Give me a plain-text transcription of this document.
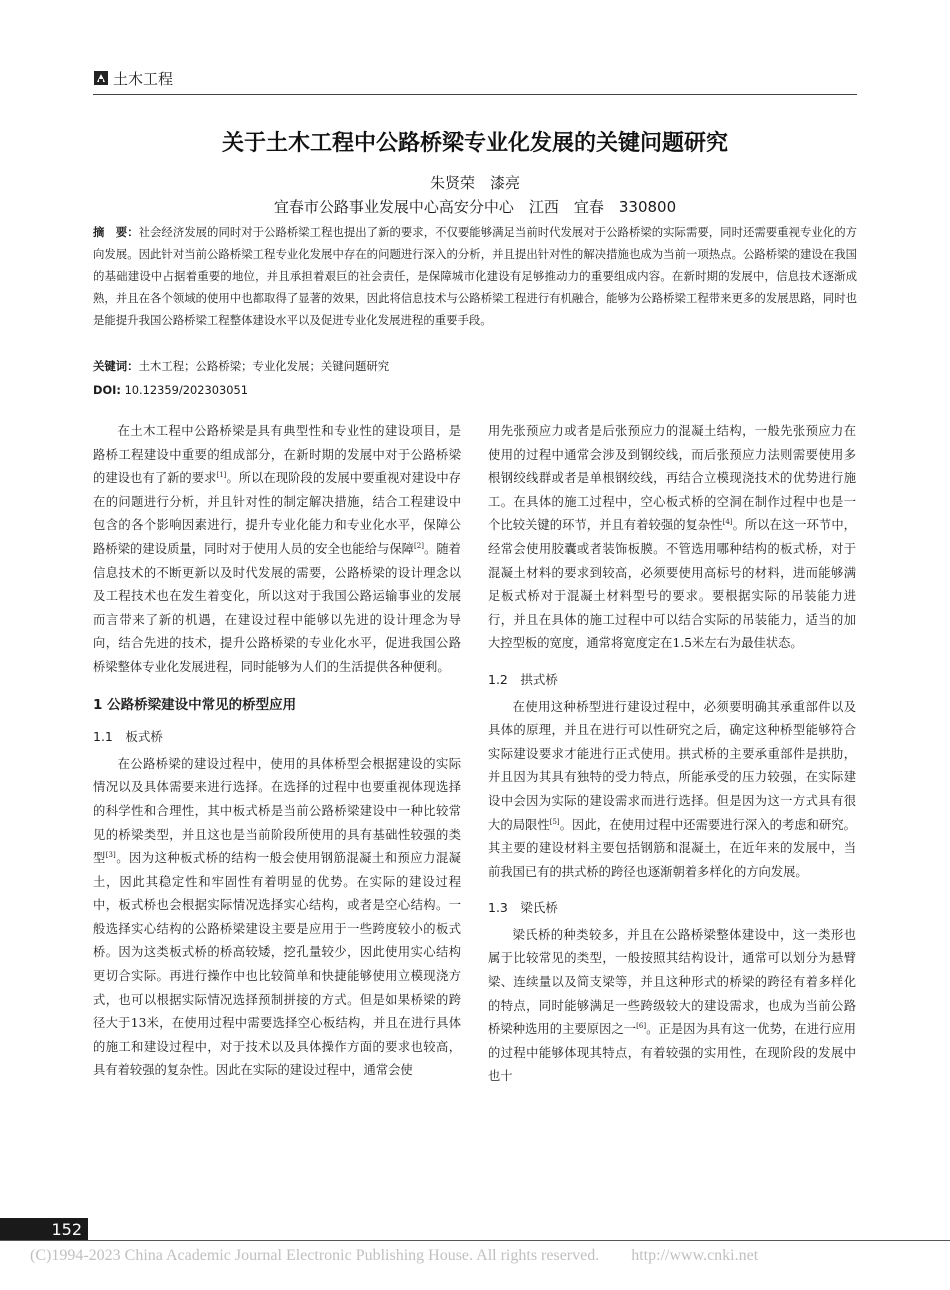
土木工程
关于土木工程中公路桥梁专业化发展的关键问题研究
朱贤荣　漆亮
宜春市公路事业发展中心高安分中心　江西　宜春　330800
摘　要：社会经济发展的同时对于公路桥梁工程也提出了新的要求，不仅要能够满足当前时代发展对于公路桥梁的实际需要，同时还需要重视专业化的方向发展。因此针对当前公路桥梁工程专业化发展中存在的问题进行深入的分析，并且提出针对性的解决措施也成为当前一项热点。公路桥梁的建设在我国的基础建设中占据着重要的地位，并且承担着艰巨的社会责任，是保障城市化建设有足够推动力的重要组成内容。在新时期的发展中，信息技术逐渐成熟，并且在各个领域的使用中也都取得了显著的效果，因此将信息技术与公路桥梁工程进行有机融合，能够为公路桥梁工程带来更多的发展思路，同时也是能提升我国公路桥梁工程整体建设水平以及促进专业化发展进程的重要手段。
关键词：土木工程；公路桥梁；专业化发展；关键问题研究
DOI: 10.12359/202303051

在土木工程中公路桥梁是具有典型性和专业性的建设项目，是路桥工程建设中重要的组成部分，在新时期的发展中对于公路桥梁的建设也有了新的要求[1]。所以在现阶段的发展中要重视对建设中存在的问题进行分析，并且针对性的制定解决措施，结合工程建设中包含的各个影响因素进行，提升专业化能力和专业化水平，保障公路桥梁的建设质量，同时对于使用人员的安全也能给与保障[2]。随着信息技术的不断更新以及时代发展的需要，公路桥梁的设计理念以及工程技术也在发生着变化，所以这对于我国公路运输事业的发展而言带来了新的机遇，在建设过程中能够以先进的设计理念为导向，结合先进的技术，提升公路桥梁的专业化水平，促进我国公路桥梁整体专业化发展进程，同时能够为人们的生活提供各种便利。

1 公路桥梁建设中常见的桥型应用

1.1　板式桥

在公路桥梁的建设过程中，使用的具体桥型会根据建设的实际情况以及具体需要来进行选择。在选择的过程中也要重视体现选择的科学性和合理性，其中板式桥是当前公路桥梁建设中一种比较常见的桥梁类型，并且这也是当前阶段所使用的具有基础性较强的类型[3]。因为这种板式桥的结构一般会使用钢筋混凝土和预应力混凝土，因此其稳定性和牢固性有着明显的优势。在实际的建设过程中，板式桥也会根据实际情况选择实心结构，或者是空心结构。一般选择实心结构的公路桥梁建设主要是应用于一些跨度较小的板式桥。因为这类板式桥的桥高较矮，挖孔量较少，因此使用实心结构更切合实际。再进行操作中也比较简单和快捷能够使用立模现浇方式，也可以根据实际情况选择预制拼接的方式。但是如果桥梁的跨径大于13米，在使用过程中需要选择空心板结构，并且在进行具体的施工和建设过程中，对于技术以及具体操作方面的要求也较高，具有着较强的复杂性。因此在实际的建设过程中，通常会使

用先张预应力或者是后张预应力的混凝土结构，一般先张预应力在使用的过程中通常会涉及到钢绞线，而后张预应力法则需要使用多根钢绞线群或者是单根钢绞线，再结合立模现浇技术的优势进行施工。在具体的施工过程中，空心板式桥的空洞在制作过程中也是一个比较关键的环节，并且有着较强的复杂性[4]。所以在这一环节中，经常会使用胶囊或者装饰板膜。不管选用哪种结构的板式桥，对于混凝土材料的要求到较高，必须要使用高标号的材料，进而能够满足板式桥对于混凝土材料型号的要求。要根据实际的吊装能力进行，并且在具体的施工过程中可以结合实际的吊装能力，适当的加大控型板的宽度，通常将宽度定在1.5米左右为最佳状态。

1.2　拱式桥

在使用这种桥型进行建设过程中，必须要明确其承重部件以及具体的原理，并且在进行可以性研究之后，确定这种桥型能够符合实际建设要求才能进行正式使用。拱式桥的主要承重部件是拱肋，并且因为其具有独特的受力特点，所能承受的压力较强，在实际建设中会因为实际的建设需求而进行选择。但是因为这一方式具有很大的局限性[5]。因此，在使用过程中还需要进行深入的考虑和研究。其主要的建设材料主要包括钢筋和混凝土，在近年来的发展中，当前我国已有的拱式桥的跨径也逐渐朝着多样化的方向发展。

1.3　梁氏桥

梁氏桥的种类较多，并且在公路桥梁整体建设中，这一类形也属于比较常见的类型，一般按照其结构设计，通常可以划分为悬臂梁、连续量以及简支梁等，并且这种形式的桥梁的跨径有着多样化的特点，同时能够满足一些跨级较大的建设需求，也成为当前公路桥梁种选用的主要原因之一[6]。正是因为具有这一优势，在进行应用的过程中能够体现其特点，有着较强的实用性，在现阶段的发展中也十

152
(C)1994-2023 China Academic Journal Electronic Publishing House. All rights reserved.　　http://www.cnki.net
